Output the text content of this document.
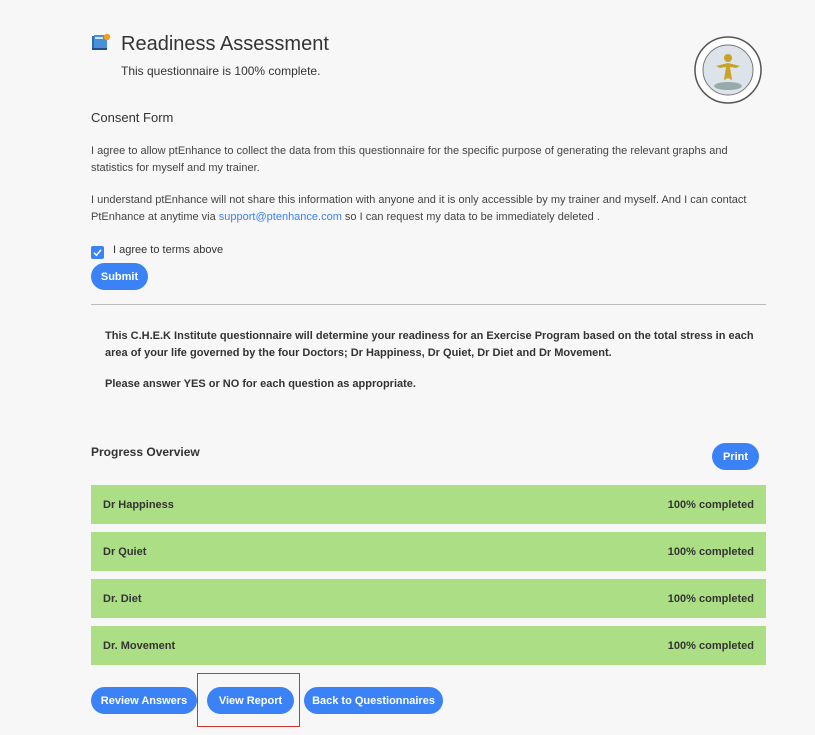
Readiness Assessment
This questionnaire is 100% complete.
Consent Form
I agree to allow ptEnhance to collect the data from this questionnaire for the specific purpose of generating the relevant graphs and statistics for myself and my trainer.
I understand ptEnhance will not share this information with anyone and it is only accessible by my trainer and myself. And I can contact PtEnhance at anytime via support@ptenhance.com so I can request my data to be immediately deleted .
I agree to terms above
Submit
This C.H.E.K Institute questionnaire will determine your readiness for an Exercise Program based on the total stress in each area of your life governed by the four Doctors; Dr Happiness, Dr Quiet, Dr Diet and Dr Movement.
Please answer YES or NO for each question as appropriate.
Progress Overview	Print
Dr Happiness	100% completed
Dr Quiet	100% completed
Dr. Diet	100% completed
Dr. Movement	100% completed
Review Answers	View Report	Back to Questionnaires
